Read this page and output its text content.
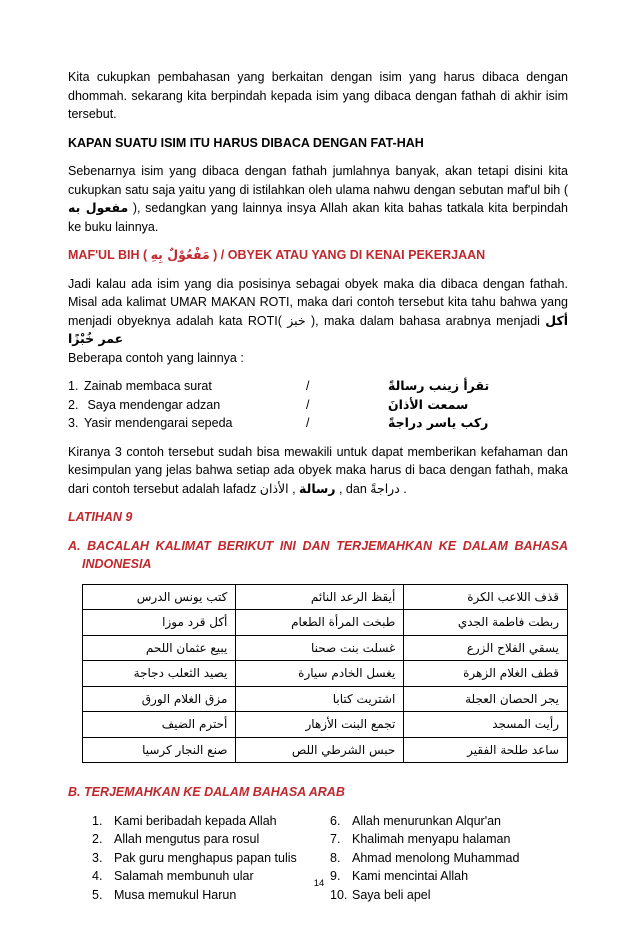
Kita cukupkan pembahasan yang berkaitan dengan isim yang harus dibaca dengan dhommah. sekarang kita berpindah kepada isim yang dibaca dengan fathah di akhir isim tersebut.

KAPAN SUATU ISIM ITU HARUS DIBACA DENGAN FAT-HAH

Sebenarnya isim yang dibaca dengan fathah jumlahnya banyak, akan tetapi disini kita cukupkan satu saja yaitu yang di istilahkan oleh ulama nahwu dengan sebutan maf'ul bih ( مفعول به ), sedangkan yang lainnya insya Allah akan kita bahas tatkala kita berpindah ke buku lainnya.

MAF'UL BIH ( مَفْعُوْلٌ بِهِ ) / OBYEK ATAU YANG DI KENAI PEKERJAAN

Jadi kalau ada isim yang dia posisinya sebagai obyek maka dia dibaca dengan fathah. Misal ada kalimat UMAR MAKAN ROTI, maka dari contoh tersebut kita tahu bahwa yang menjadi obyeknya adalah kata ROTI( خبز ), maka dalam bahasa arabnya menjadi أكل عمر خُبْزًا

Beberapa contoh yang lainnya :

1. Zainab membaca surat	/	تقرأ زينب رسالةً
2. Saya mendengar adzan	/	سمعت الأذانَ
3. Yasir mendengarai sepeda	/	ركب ياسر دراجةً

Kiranya 3 contoh tersebut sudah bisa mewakili untuk dapat memberikan kefahaman dan kesimpulan yang jelas bahwa setiap ada obyek maka harus di baca dengan fathah, maka dari contoh tersebut adalah lafadz	رسالة , الأذان	, dan دراجةً .

LATIHAN 9

A. BACALAH KALIMAT BERIKUT INI DAN TERJEMAHKAN KE DALAM BAHASA INDONESIA

كتب يونس الدرس	أيقظ الرعد النائم	قذف اللاعب الكرة
أكل قرد موزا	طبخت المرأة الطعام	ربطت فاطمة الجدي
يبيع عثمان اللحم	غسلت بنت صحنا	يسقي الفلاح الزرع
يصيد الثعلب دجاجة	يغسل الخادم سيارة	قطف الغلام الزهرة
مزق الغلام الورق	اشتريت كتابا	يجر الحصان العجلة
أحترم الضيف	تجمع البنت الأزهار	رأيت المسجد
صنع النجار كرسيا	حبس الشرطي اللص	ساعد طلحة الفقير

B. TERJEMAHKAN KE DALAM BAHASA ARAB

1. Kami beribadah kepada Allah
2. Allah mengutus para rosul
3. Pak guru menghapus papan tulis
4. Salamah membunuh ular
5. Musa memukul Harun
6. Allah menurunkan Alqur'an
7. Khalimah menyapu halaman
8. Ahmad menolong Muhammad
9. Kami mencintai Allah
10. Saya beli apel
14
